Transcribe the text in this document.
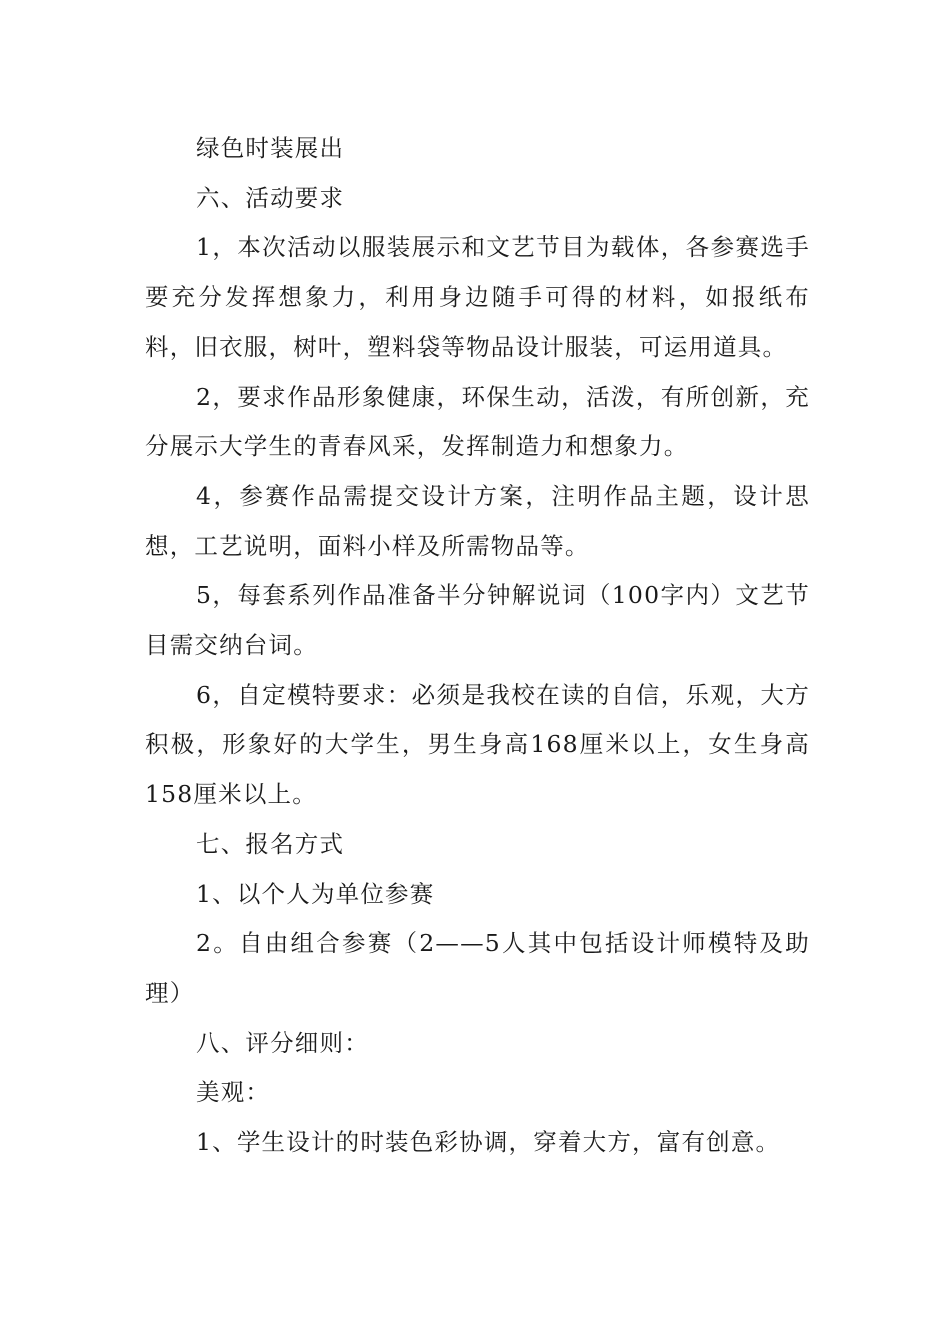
绿色时装展出

六、活动要求

1，本次活动以服装展示和文艺节目为载体，各参赛选手要充分发挥想象力，利用身边随手可得的材料，如报纸布料，旧衣服，树叶，塑料袋等物品设计服装，可运用道具。

2，要求作品形象健康，环保生动，活泼，有所创新，充分展示大学生的青春风采，发挥制造力和想象力。

4，参赛作品需提交设计方案，注明作品主题，设计思想，工艺说明，面料小样及所需物品等。

5，每套系列作品准备半分钟解说词（100字内）文艺节目需交纳台词。

6，自定模特要求：必须是我校在读的自信，乐观，大方积极，形象好的大学生，男生身高168厘米以上，女生身高158厘米以上。

七、报名方式

1、以个人为单位参赛

2。自由组合参赛（2——5人其中包括设计师模特及助理）

八、评分细则：

美观：

1、学生设计的时装色彩协调，穿着大方，富有创意。
